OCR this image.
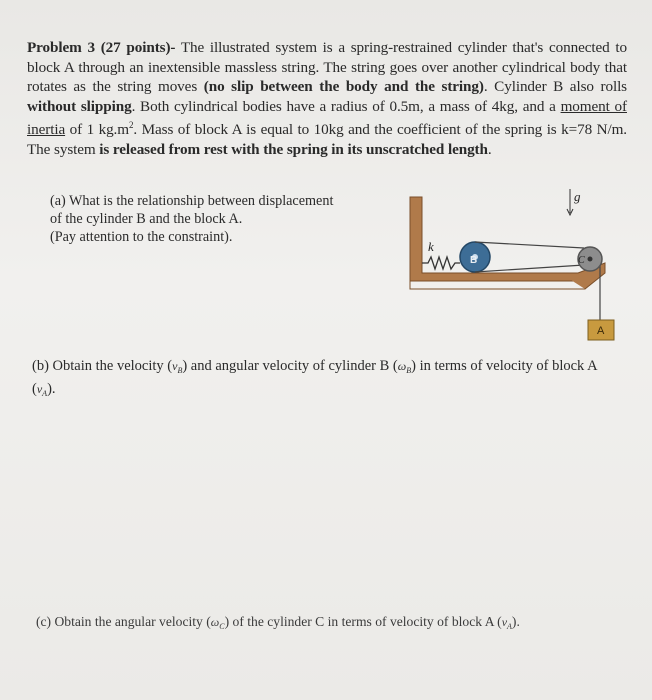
Problem 3 (27 points)- The illustrated system is a spring-restrained cylinder that's connected to block A through an inextensible massless string. The string goes over another cylindrical body that rotates as the string moves (no slip between the body and the string). Cylinder B also rolls without slipping. Both cylindrical bodies have a radius of 0.5m, a mass of 4kg, and a moment of inertia of 1 $kg.m^2$. Mass of block A is equal to 10kg and the coefficient of the spring is k=78 N/m. The system is released from rest with the spring in its unscratched length.
(a) What is the relationship between displacement
of the cylinder B and the block A.
(Pay attention to the constraint).
k
B	C
A
g
(b) Obtain the velocity $(v_B)$ and angular velocity of cylinder B $(\omega_B)$ in terms of velocity of block A $(v_A)$.
(c) Obtain the angular velocity $(\omega_C)$ of the cylinder C in terms of velocity of block A $(v_A)$.
